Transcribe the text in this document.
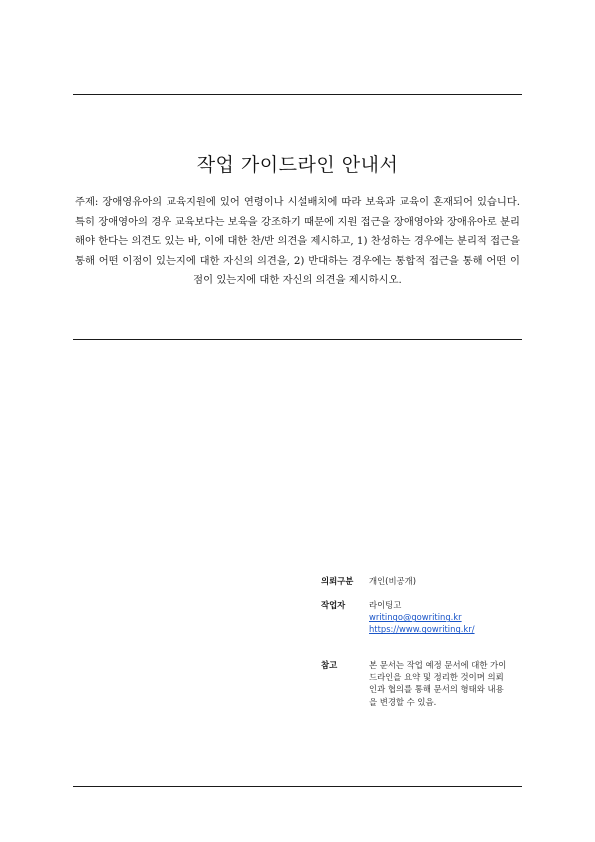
작업 가이드라인 안내서

주제: 장애영유아의 교육지원에 있어 연령이나 시설배치에 따라 보육과 교육이 혼재되어 있습니다. 특히 장애영아의 경우 교육보다는 보육을 강조하기 때문에 지원 접근을 장애영아와 장애유아로 분리해야 한다는 의견도 있는 바, 이에 대한 찬/반 의견을 제시하고, 1) 찬성하는 경우에는 분리적 접근을 통해 어떤 이점이 있는지에 대한 자신의 의견을, 2) 반대하는 경우에는 통합적 접근을 통해 어떤 이점이 있는지에 대한 자신의 의견을 제시하시오.

의뢰구분	개인(비공개)
작업자	라이팅고
writingo@gowriting.kr
https://www.gowriting.kr/
참고	본 문서는 작업 예정 문서에 대한 가이드라인을 요약 및 정리한 것이며 의뢰인과 협의를 통해 문서의 형태와 내용을 변경할 수 있음.
